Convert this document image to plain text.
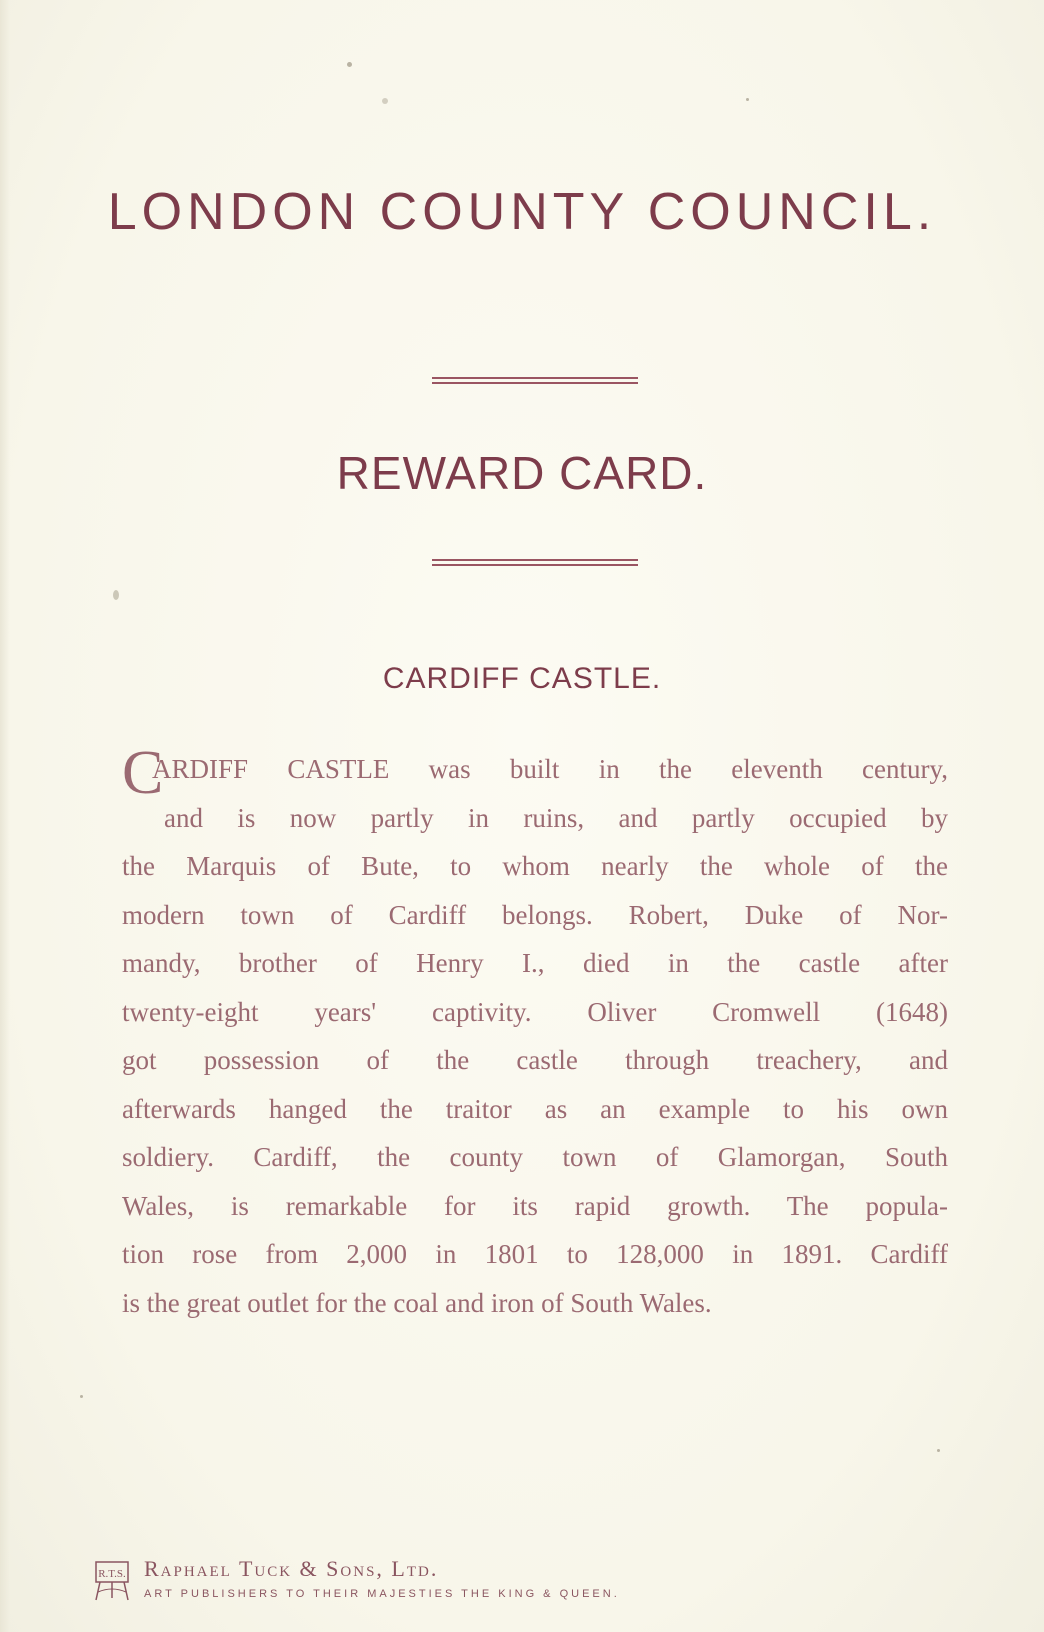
LONDON COUNTY COUNCIL.
REWARD CARD.
CARDIFF CASTLE.
C
ARDIFF CASTLE was built in the eleventh century,
and is now partly in ruins, and partly occupied by
the Marquis of Bute, to whom nearly the whole of the
modern town of Cardiff belongs. Robert, Duke of Nor-
mandy, brother of Henry I., died in the castle after
twenty-eight years' captivity. Oliver Cromwell (1648)
got possession of the castle through treachery, and
afterwards hanged the traitor as an example to his own
soldiery. Cardiff, the county town of Glamorgan, South
Wales, is remarkable for its rapid growth. The popula-
tion rose from 2,000 in 1801 to 128,000 in 1891. Cardiff
is the great outlet for the coal and iron of South Wales.
R.T.S. Raphael Tuck & Sons, Ltd.
ART PUBLISHERS TO THEIR MAJESTIES THE KING & QUEEN.
